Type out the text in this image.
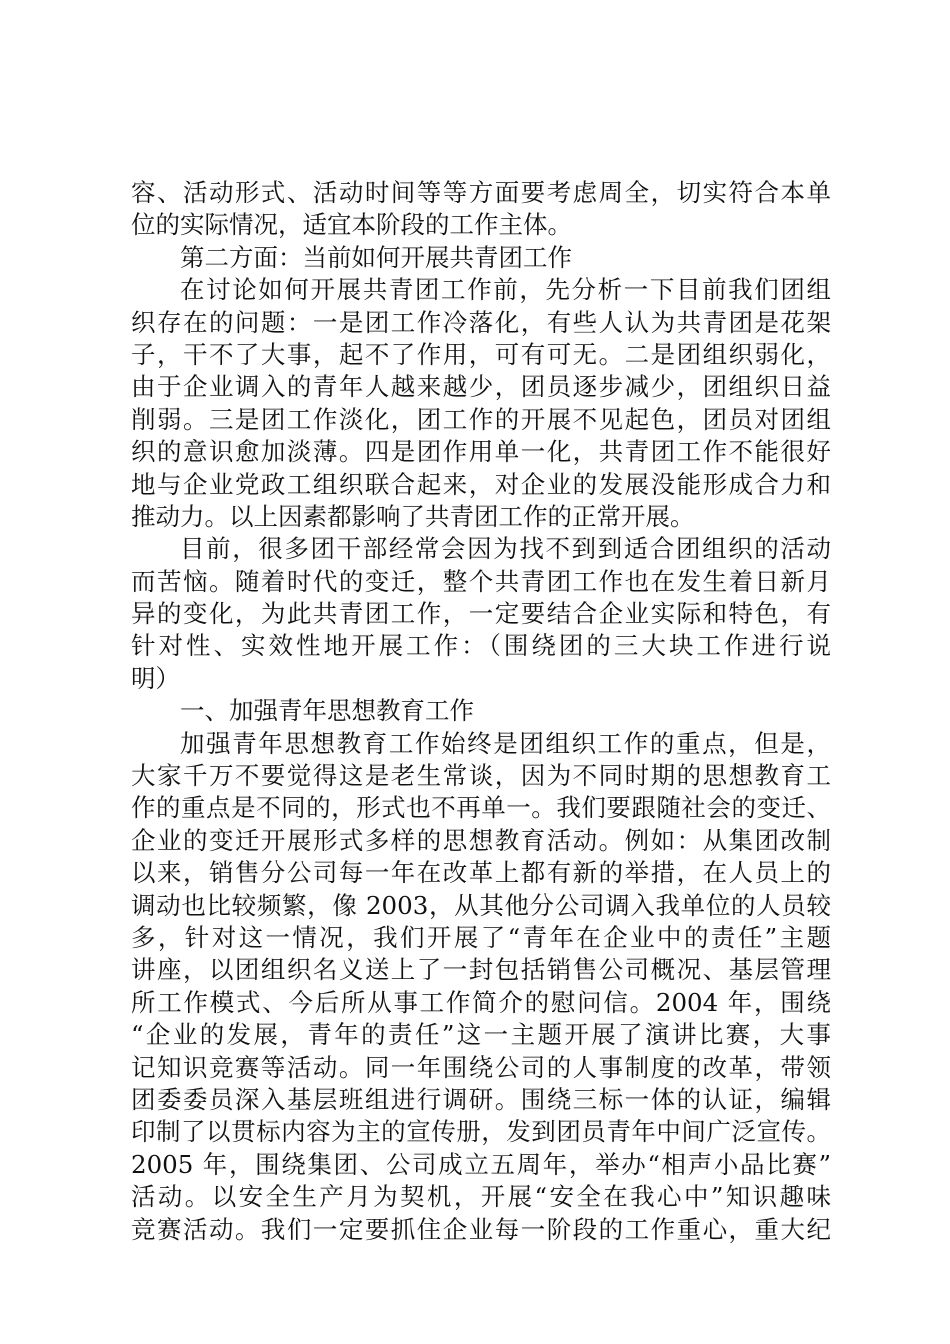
容、活动形式、活动时间等等方面要考虑周全，切实符合本单
位的实际情况，适宜本阶段的工作主体。
第二方面：当前如何开展共青团工作
在讨论如何开展共青团工作前，先分析一下目前我们团组
织存在的问题：一是团工作冷落化，有些人认为共青团是花架
子，干不了大事，起不了作用，可有可无。二是团组织弱化，
由于企业调入的青年人越来越少，团员逐步减少，团组织日益
削弱。三是团工作淡化，团工作的开展不见起色，团员对团组
织的意识愈加淡薄。四是团作用单一化，共青团工作不能很好
地与企业党政工组织联合起来，对企业的发展没能形成合力和
推动力。以上因素都影响了共青团工作的正常开展。
目前，很多团干部经常会因为找不到到适合团组织的活动
而苦恼。随着时代的变迁，整个共青团工作也在发生着日新月
异的变化，为此共青团工作，一定要结合企业实际和特色，有
针对性、实效性地开展工作：（围绕团的三大块工作进行说
明）
一、加强青年思想教育工作
加强青年思想教育工作始终是团组织工作的重点，但是，
大家千万不要觉得这是老生常谈，因为不同时期的思想教育工
作的重点是不同的，形式也不再单一。我们要跟随社会的变迁、
企业的变迁开展形式多样的思想教育活动。例如：从集团改制
以来，销售分公司每一年在改革上都有新的举措，在人员上的
调动也比较频繁，像 2003，从其他分公司调入我单位的人员较
多，针对这一情况，我们开展了“青年在企业中的责任”主题
讲座，以团组织名义送上了一封包括销售公司概况、基层管理
所工作模式、今后所从事工作简介的慰问信。2004 年，围绕
“企业的发展，青年的责任”这一主题开展了演讲比赛，大事
记知识竞赛等活动。同一年围绕公司的人事制度的改革，带领
团委委员深入基层班组进行调研。围绕三标一体的认证，编辑
印制了以贯标内容为主的宣传册，发到团员青年中间广泛宣传。
2005 年，围绕集团、公司成立五周年，举办“相声小品比赛”
活动。以安全生产月为契机，开展“安全在我心中”知识趣味
竞赛活动。我们一定要抓住企业每一阶段的工作重心，重大纪
